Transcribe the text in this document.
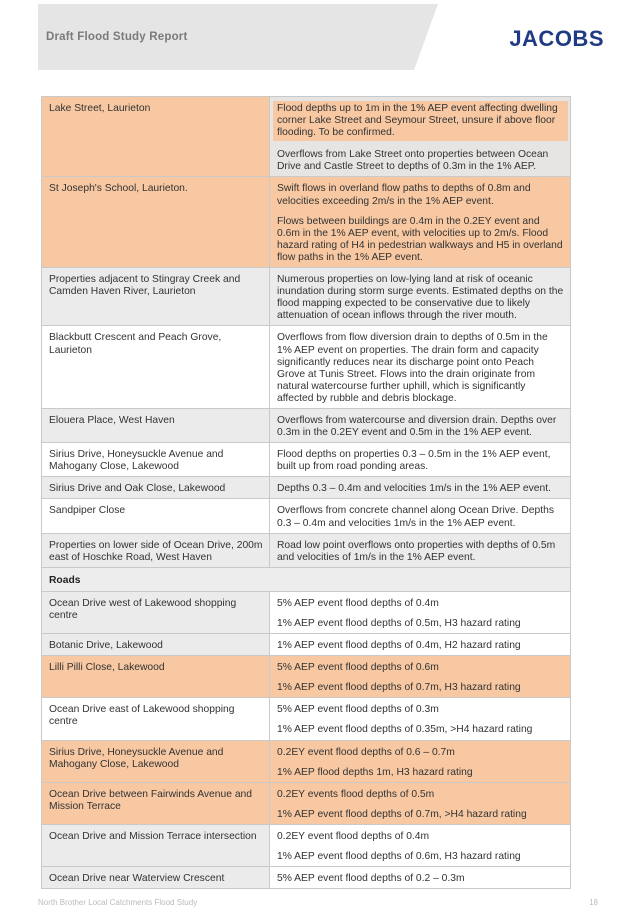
Draft Flood Study Report	JACOBS
Lake Street, Laurieton	Flood depths up to 1m in the 1% AEP event affecting dwelling corner Lake Street and Seymour Street, unsure if above floor flooding. To be confirmed.

Overflows from Lake Street onto properties between Ocean Drive and Castle Street to depths of 0.3m in the 1% AEP.

St Joseph's School, Laurieton.	Swift flows in overland flow paths to depths of 0.8m and velocities exceeding 2m/s in the 1% AEP event.

Flows between buildings are 0.4m in the 0.2EY event and 0.6m in the 1% AEP event, with velocities up to 2m/s. Flood hazard rating of H4 in pedestrian walkways and H5 in overland flow paths in the 1% AEP event.

Properties adjacent to Stingray Creek and Camden Haven River, Laurieton	Numerous properties on low-lying land at risk of oceanic inundation during storm surge events. Estimated depths on the flood mapping expected to be conservative due to likely attenuation of ocean inflows through the river mouth.

Blackbutt Crescent and Peach Grove, Laurieton	Overflows from flow diversion drain to depths of 0.5m in the 1% AEP event on properties. The drain form and capacity significantly reduces near its discharge point onto Peach Grove at Tunis Street. Flows into the drain originate from natural watercourse further uphill, which is significantly affected by rubble and debris blockage.

Elouera Place, West Haven	Overflows from watercourse and diversion drain. Depths over 0.3m in the 0.2EY event and 0.5m in the 1% AEP event.

Sirius Drive, Honeysuckle Avenue and Mahogany Close, Lakewood	Flood depths on properties 0.3 – 0.5m in the 1% AEP event, built up from road ponding areas.

Sirius Drive and Oak Close, Lakewood	Depths 0.3 – 0.4m and velocities 1m/s in the 1% AEP event.

Sandpiper Close	Overflows from concrete channel along Ocean Drive. Depths 0.3 – 0.4m and velocities 1m/s in the 1% AEP event.

Properties on lower side of Ocean Drive, 200m east of Hoschke Road, West Haven	Road low point overflows onto properties with depths of 0.5m and velocities of 1m/s in the 1% AEP event.

Roads	
Ocean Drive west of Lakewood shopping centre	5% AEP event flood depths of 0.4m

1% AEP event flood depths of 0.5m, H3 hazard rating

Botanic Drive, Lakewood	1% AEP event flood depths of 0.4m, H2 hazard rating

Lilli Pilli Close, Lakewood	5% AEP event flood depths of 0.6m

1% AEP event flood depths of 0.7m, H3 hazard rating

Ocean Drive east of Lakewood shopping centre	5% AEP event flood depths of 0.3m

1% AEP event flood depths of 0.35m, >H4 hazard rating

Sirius Drive, Honeysuckle Avenue and Mahogany Close, Lakewood	0.2EY event flood depths of 0.6 – 0.7m

1% AEP flood depths 1m, H3 hazard rating

Ocean Drive between Fairwinds Avenue and Mission Terrace	0.2EY events flood depths of 0.5m

1% AEP event flood depths of 0.7m, >H4 hazard rating

Ocean Drive and Mission Terrace intersection	0.2EY event flood depths of 0.4m

1% AEP event flood depths of 0.6m, H3 hazard rating

Ocean Drive near Waterview Crescent	5% AEP event flood depths of 0.2 – 0.3m

North Brother Local Catchments Flood Study	18
